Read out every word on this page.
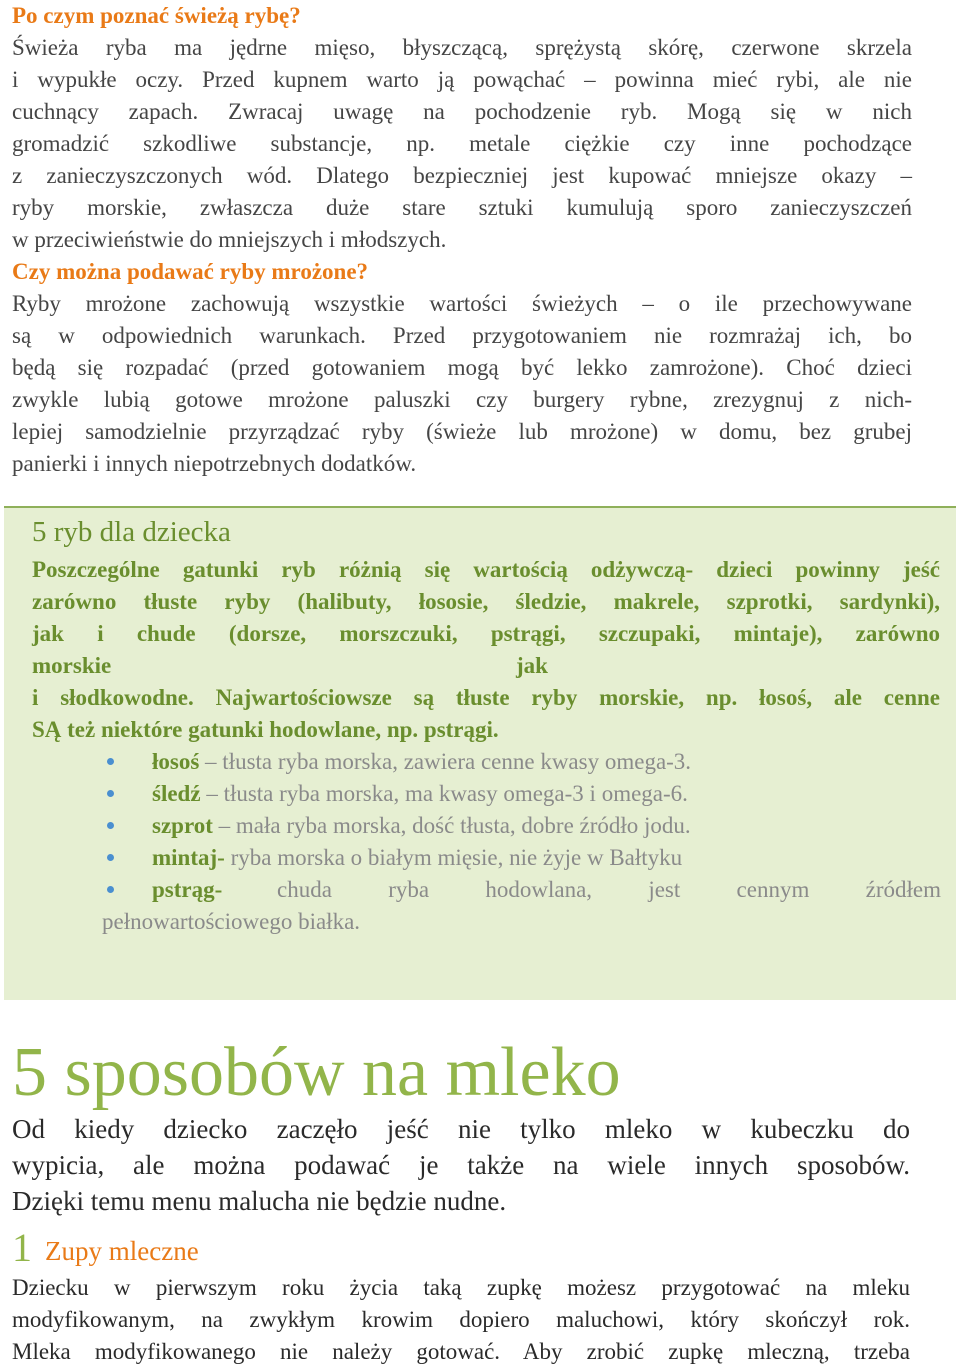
Po czym poznać świeżą rybę?
Świeża ryba ma jędrne mięso, błyszczącą, sprężystą skórę, czerwone skrzela
i wypukłe oczy. Przed kupnem warto ją powąchać – powinna mieć rybi, ale nie
cuchnący zapach. Zwracaj uwagę na pochodzenie ryb. Mogą się w nich
gromadzić szkodliwe substancje, np. metale ciężkie czy inne pochodzące
z zanieczyszczonych wód. Dlatego bezpieczniej jest kupować mniejsze okazy –
ryby morskie, zwłaszcza duże stare sztuki kumulują sporo zanieczyszczeń
w przeciwieństwie do mniejszych i młodszych.
Czy można podawać ryby mrożone?
Ryby mrożone zachowują wszystkie wartości świeżych – o ile przechowywane
są w odpowiednich warunkach. Przed przygotowaniem nie rozmrażaj ich, bo
będą się rozpadać (przed gotowaniem mogą być lekko zamrożone). Choć dzieci
zwykle lubią gotowe mrożone paluszki czy burgery rybne, zrezygnuj z nich-
lepiej samodzielnie przyrządzać ryby (świeże lub mrożone) w domu, bez grubej
panierki i innych niepotrzebnych dodatków.
5 ryb dla dziecka
Poszczególne gatunki ryb różnią się wartością odżywczą- dzieci powinny jeść
zarówno tłuste ryby (halibuty, łososie, śledzie, makrele, szprotki, sardynki),
jak i chude (dorsze, morszczuki, pstrągi, szczupaki, mintaje), zarówno
morskie	jak
i słodkowodne. Najwartościowsze są tłuste ryby morskie, np. łosoś, ale cenne
SĄ też niektóre gatunki hodowlane, np. pstrągi.
łosoś – tłusta ryba morska, zawiera cenne kwasy omega-3.
śledź – tłusta ryba morska, ma kwasy omega-3 i omega-6.
szprot – mała ryba morska, dość tłusta, dobre źródło jodu.
mintaj- ryba morska o białym mięsie, nie żyje w Bałtyku
pstrąg- chuda ryba hodowlana, jest cennym źródłem
pełnowartościowego białka.
5 sposobów na mleko
Od kiedy dziecko zaczęło jeść nie tylko mleko w kubeczku do
wypicia, ale można podawać je także na wiele innych sposobów.
Dzięki temu menu malucha nie będzie nudne.
1 Zupy mleczne
Dziecku w pierwszym roku życia taką zupkę możesz przygotować na mleku
modyfikowanym, na zwykłym krowim dopiero maluchowi, który skończył rok.
Mleka modyfikowanego nie należy gotować. Aby zrobić zupkę mleczną, trzeba
